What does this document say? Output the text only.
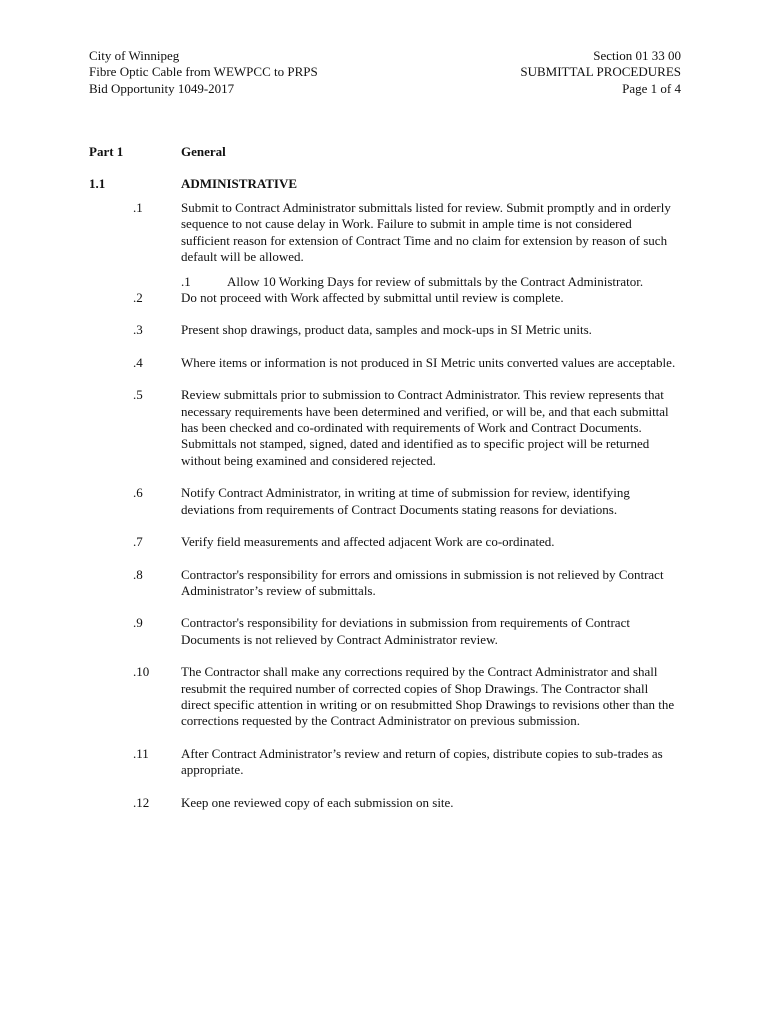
City of Winnipeg
Fibre Optic Cable from WEWPCC to PRPS
Bid Opportunity 1049-2017
Section 01 33 00
SUBMITTAL PROCEDURES
Page 1 of 4
Part 1	General
1.1	ADMINISTRATIVE
.1	Submit to Contract Administrator submittals listed for review. Submit promptly and in orderly sequence to not cause delay in Work. Failure to submit in ample time is not considered sufficient reason for extension of Contract Time and no claim for extension by reason of such default will be allowed.
.1	Allow 10 Working Days for review of submittals by the Contract Administrator.
.2	Do not proceed with Work affected by submittal until review is complete.
.3	Present shop drawings, product data, samples and mock-ups in SI Metric units.
.4	Where items or information is not produced in SI Metric units converted values are acceptable.
.5	Review submittals prior to submission to Contract Administrator. This review represents that necessary requirements have been determined and verified, or will be, and that each submittal has been checked and co-ordinated with requirements of Work and Contract Documents. Submittals not stamped, signed, dated and identified as to specific project will be returned without being examined and considered rejected.
.6	Notify Contract Administrator, in writing at time of submission for review, identifying deviations from requirements of Contract Documents stating reasons for deviations.
.7	Verify field measurements and affected adjacent Work are co-ordinated.
.8	Contractor's responsibility for errors and omissions in submission is not relieved by Contract Administrator’s review of submittals.
.9	Contractor's responsibility for deviations in submission from requirements of Contract Documents is not relieved by Contract Administrator review.
.10 The Contractor shall make any corrections required by the Contract Administrator and shall resubmit the required number of corrected copies of Shop Drawings. The Contractor shall direct specific attention in writing or on resubmitted Shop Drawings to revisions other than the corrections requested by the Contract Administrator on previous submission.
.11 After Contract Administrator’s review and return of copies, distribute copies to sub-trades as appropriate.
.12 Keep one reviewed copy of each submission on site.
